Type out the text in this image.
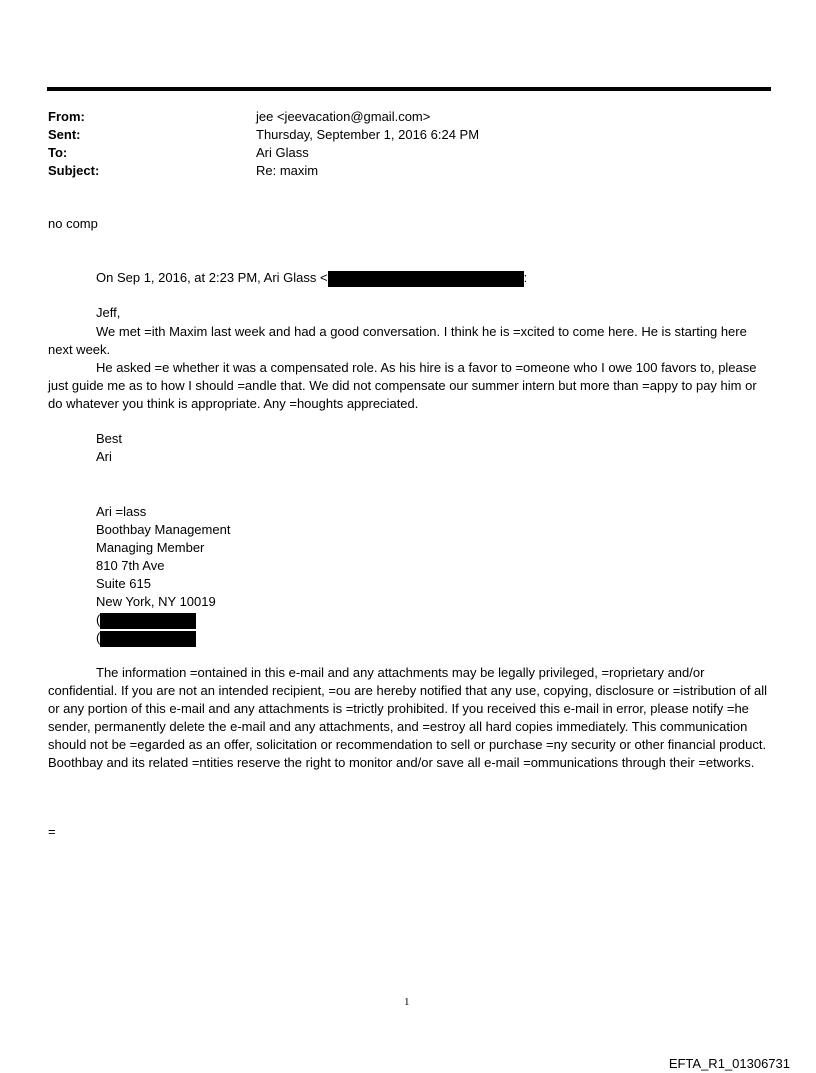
From:	jee <jeevacation@gmail.com>
Sent:	Thursday, September 1, 2016 6:24 PM
To:	Ari Glass
Subject:	Re: maxim
no comp
On Sep 1, 2016, at 2:23 PM, Ari Glass <	:
Jeff,
We met =ith Maxim last week and had a good conversation. I think he is =xcited to come here. He is starting here next week.
He asked =e whether it was a compensated role. As his hire is a favor to =omeone who I owe 100 favors to, please just guide me as to how I should =andle that. We did not compensate our summer intern but more than =appy to pay him or do whatever you think is appropriate. Any =houghts appreciated.
Best
Ari
Ari =lass
Boothbay Management
Managing Member
810 7th Ave
Suite 615
New York, NY 10019
(
(
The information =ontained in this e-mail and any attachments may be legally privileged, =roprietary and/or confidential. If you are not an intended recipient, =ou are hereby notified that any use, copying, disclosure or =istribution of all or any portion of this e-mail and any attachments is =trictly prohibited. If you received this e-mail in error, please notify =he sender, permanently delete the e-mail and any attachments, and =estroy all hard copies immediately. This communication should not be =egarded as an offer, solicitation or recommendation to sell or purchase =ny security or other financial product. Boothbay and its related =ntities reserve the right to monitor and/or save all e-mail =ommunications through their =etworks.
=
1
EFTA_R1_01306731
